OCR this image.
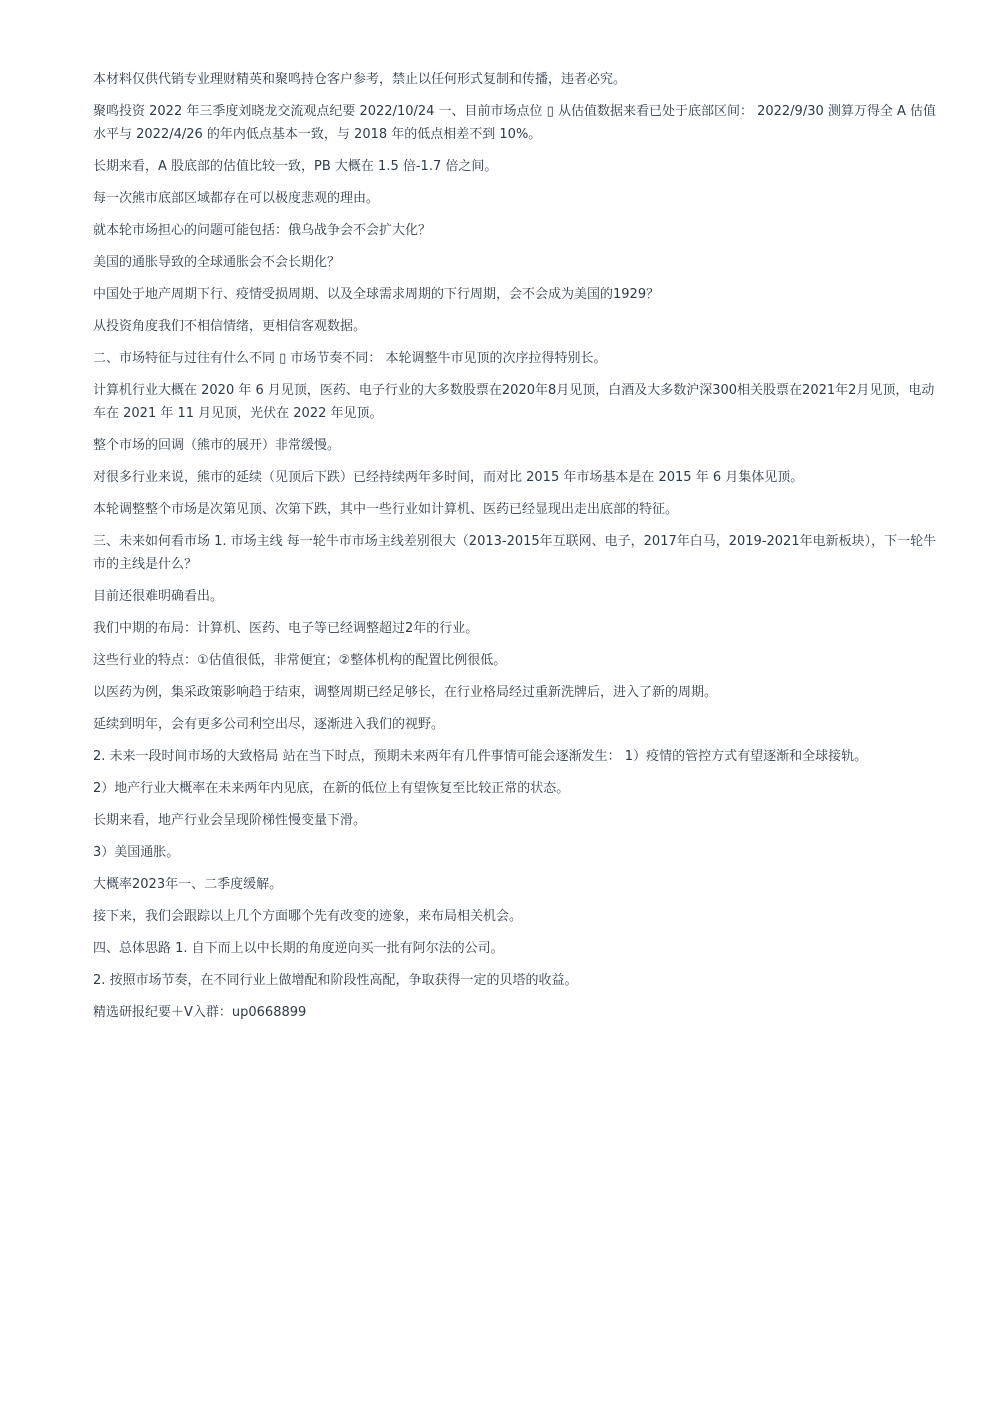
本材料仅供代销专业理财精英和聚鸣持仓客户参考，禁止以任何形式复制和传播，违者必究。

聚鸣投资 2022 年三季度刘晓龙交流观点纪要 2022/10/24 一、目前市场点位 ▯ 从估值数据来看已处于底部区间： 2022/9/30 测算万得全 A 估值水平与 2022/4/26 的年内低点基本一致，与 2018 年的低点相差不到 10%。

长期来看，A 股底部的估值比较一致，PB 大概在 1.5 倍-1.7 倍之间。

每一次熊市底部区域都存在可以极度悲观的理由。

就本轮市场担心的问题可能包括：俄乌战争会不会扩大化？

美国的通胀导致的全球通胀会不会长期化？

中国处于地产周期下行、疫情受损周期、以及全球需求周期的下行周期，会不会成为美国的1929？

从投资角度我们不相信情绪，更相信客观数据。

二、市场特征与过往有什么不同 ▯ 市场节奏不同： 本轮调整牛市见顶的次序拉得特别长。

计算机行业大概在 2020 年 6 月见顶，医药、电子行业的大多数股票在2020年8月见顶，白酒及大多数沪深300相关股票在2021年2月见顶，电动车在 2021 年 11 月见顶，光伏在 2022 年见顶。

整个市场的回调（熊市的展开）非常缓慢。

对很多行业来说，熊市的延续（见顶后下跌）已经持续两年多时间，而对比 2015 年市场基本是在 2015 年 6 月集体见顶。

本轮调整整个市场是次第见顶、次第下跌，其中一些行业如计算机、医药已经显现出走出底部的特征。

三、未来如何看市场 1. 市场主线 每一轮牛市市场主线差别很大（2013-2015年互联网、电子，2017年白马，2019-2021年电新板块），下一轮牛市的主线是什么？

目前还很难明确看出。

我们中期的布局：计算机、医药、电子等已经调整超过2年的行业。

这些行业的特点：①估值很低，非常便宜；②整体机构的配置比例很低。

以医药为例，集采政策影响趋于结束，调整周期已经足够长，在行业格局经过重新洗牌后，进入了新的周期。

延续到明年，会有更多公司利空出尽，逐渐进入我们的视野。

2. 未来一段时间市场的大致格局 站在当下时点，预期未来两年有几件事情可能会逐渐发生： 1）疫情的管控方式有望逐渐和全球接轨。

2）地产行业大概率在未来两年内见底，在新的低位上有望恢复至比较正常的状态。

长期来看，地产行业会呈现阶梯性慢变量下滑。

3）美国通胀。

大概率2023年一、二季度缓解。

接下来，我们会跟踪以上几个方面哪个先有改变的迹象，来布局相关机会。

四、总体思路 1. 自下而上以中长期的角度逆向买一批有阿尔法的公司。

2. 按照市场节奏，在不同行业上做增配和阶段性高配，争取获得一定的贝塔的收益。

精选研报纪要＋V入群：up0668899
